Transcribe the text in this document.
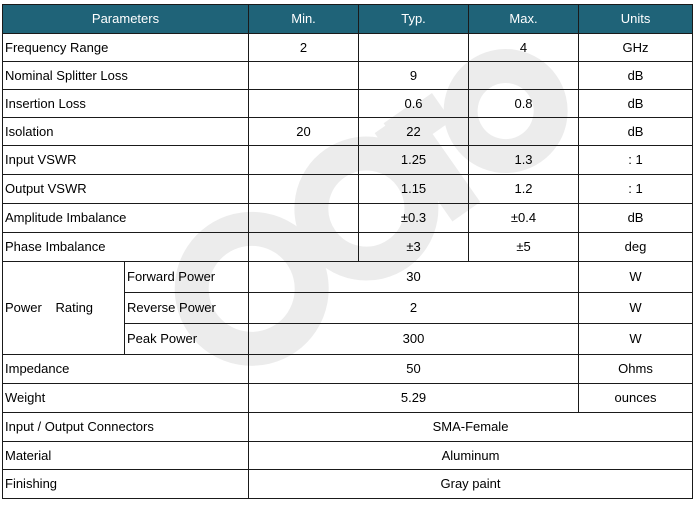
Parameters		Min.	Typ.	Max.	Units
Frequency Range		2		4	GHz
Nominal Splitter Loss			9		dB
Insertion Loss			0.6	0.8	dB
Isolation		20	22		dB
Input VSWR			1.25	1.3	: 1
Output VSWR			1.15	1.2	: 1
Amplitude Imbalance			±0.3	±0.4	dB
Phase Imbalance			±3	±5	deg
Power Rating	Forward Power	30			W
	Reverse Power	2			W
	Peak Power	300			W
Impedance		50			Ohms
Weight		5.29			ounces
Input / Output Connectors		SMA-Female			
Material		Aluminum			
Finishing		Gray paint			
